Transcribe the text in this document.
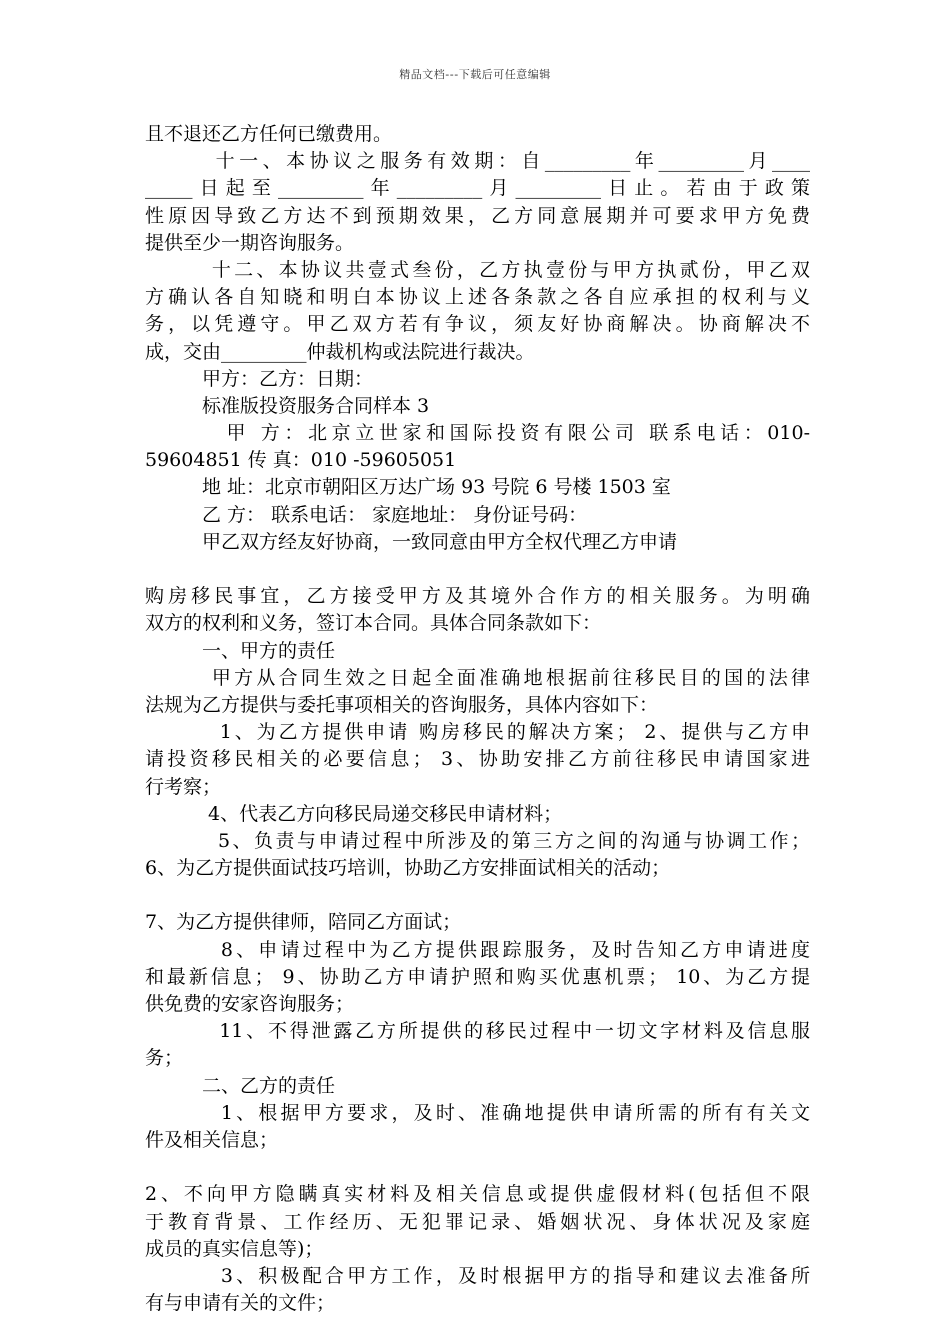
精品文档---下载后可任意编辑
且不退还乙方任何已缴费用。
　　　十一、本协议之服务有效期：自_________年_________月____
_____日起至_________年_________月_________日止。若由于政策
性原因导致乙方达不到预期效果，乙方同意展期并可要求甲方免费
提供至少一期咨询服务。
　　　十二、本协议共壹式叁份，乙方执壹份与甲方执贰份，甲乙双
方确认各自知晓和明白本协议上述各条款之各自应承担的权利与义
务，以凭遵守。甲乙双方若有争议，须友好协商解决。协商解决不
成，交由_________仲裁机构或法院进行裁决。
　　　甲方：乙方：日期：
　　　标准版投资服务合同样本 3
　　　 甲 方：北京立世家和国际投资有限公司 联系电话：010-
59604851 传 真：010 -59605051
　　　地 址：北京市朝阳区万达广场 93 号院 6 号楼 1503 室
　　　乙 方： 联系电话： 家庭地址： 身份证号码：
　　　甲乙双方经友好协商，一致同意由甲方全权代理乙方申请
购房移民事宜，乙方接受甲方及其境外合作方的相关服务。为明确
双方的权利和义务，签订本合同。具体合同条款如下：
　　　一、甲方的责任
　　　甲方从合同生效之日起全面准确地根据前往移民目的国的法律
法规为乙方提供与委托事项相关的咨询服务，具体内容如下：
　　　 1、为乙方提供申请 购房移民的解决方案； 2、提供与乙方申
请投资移民相关的必要信息； 3、协助安排乙方前往移民申请国家进
行考察；
　　　 4、代表乙方向移民局递交移民申请材料；
　　　 5、负责与申请过程中所涉及的第三方之间的沟通与协调工作；
6、为乙方提供面试技巧培训，协助乙方安排面试相关的活动；
7、为乙方提供律师，陪同乙方面试；
　　　 8、申请过程中为乙方提供跟踪服务，及时告知乙方申请进度
和最新信息； 9、协助乙方申请护照和购买优惠机票； 10、为乙方提
供免费的安家咨询服务；
　　　 11、不得泄露乙方所提供的移民过程中一切文字材料及信息服
务；
　　　二、乙方的责任
　　　 1、根据甲方要求，及时、准确地提供申请所需的所有有关文
件及相关信息；
2、不向甲方隐瞒真实材料及相关信息或提供虚假材料(包括但不限
于教育背景、工作经历、无犯罪记录、婚姻状况、身体状况及家庭
成员的真实信息等)；
　　　 3、积极配合甲方工作，及时根据甲方的指导和建议去准备所
有与申请有关的文件；
